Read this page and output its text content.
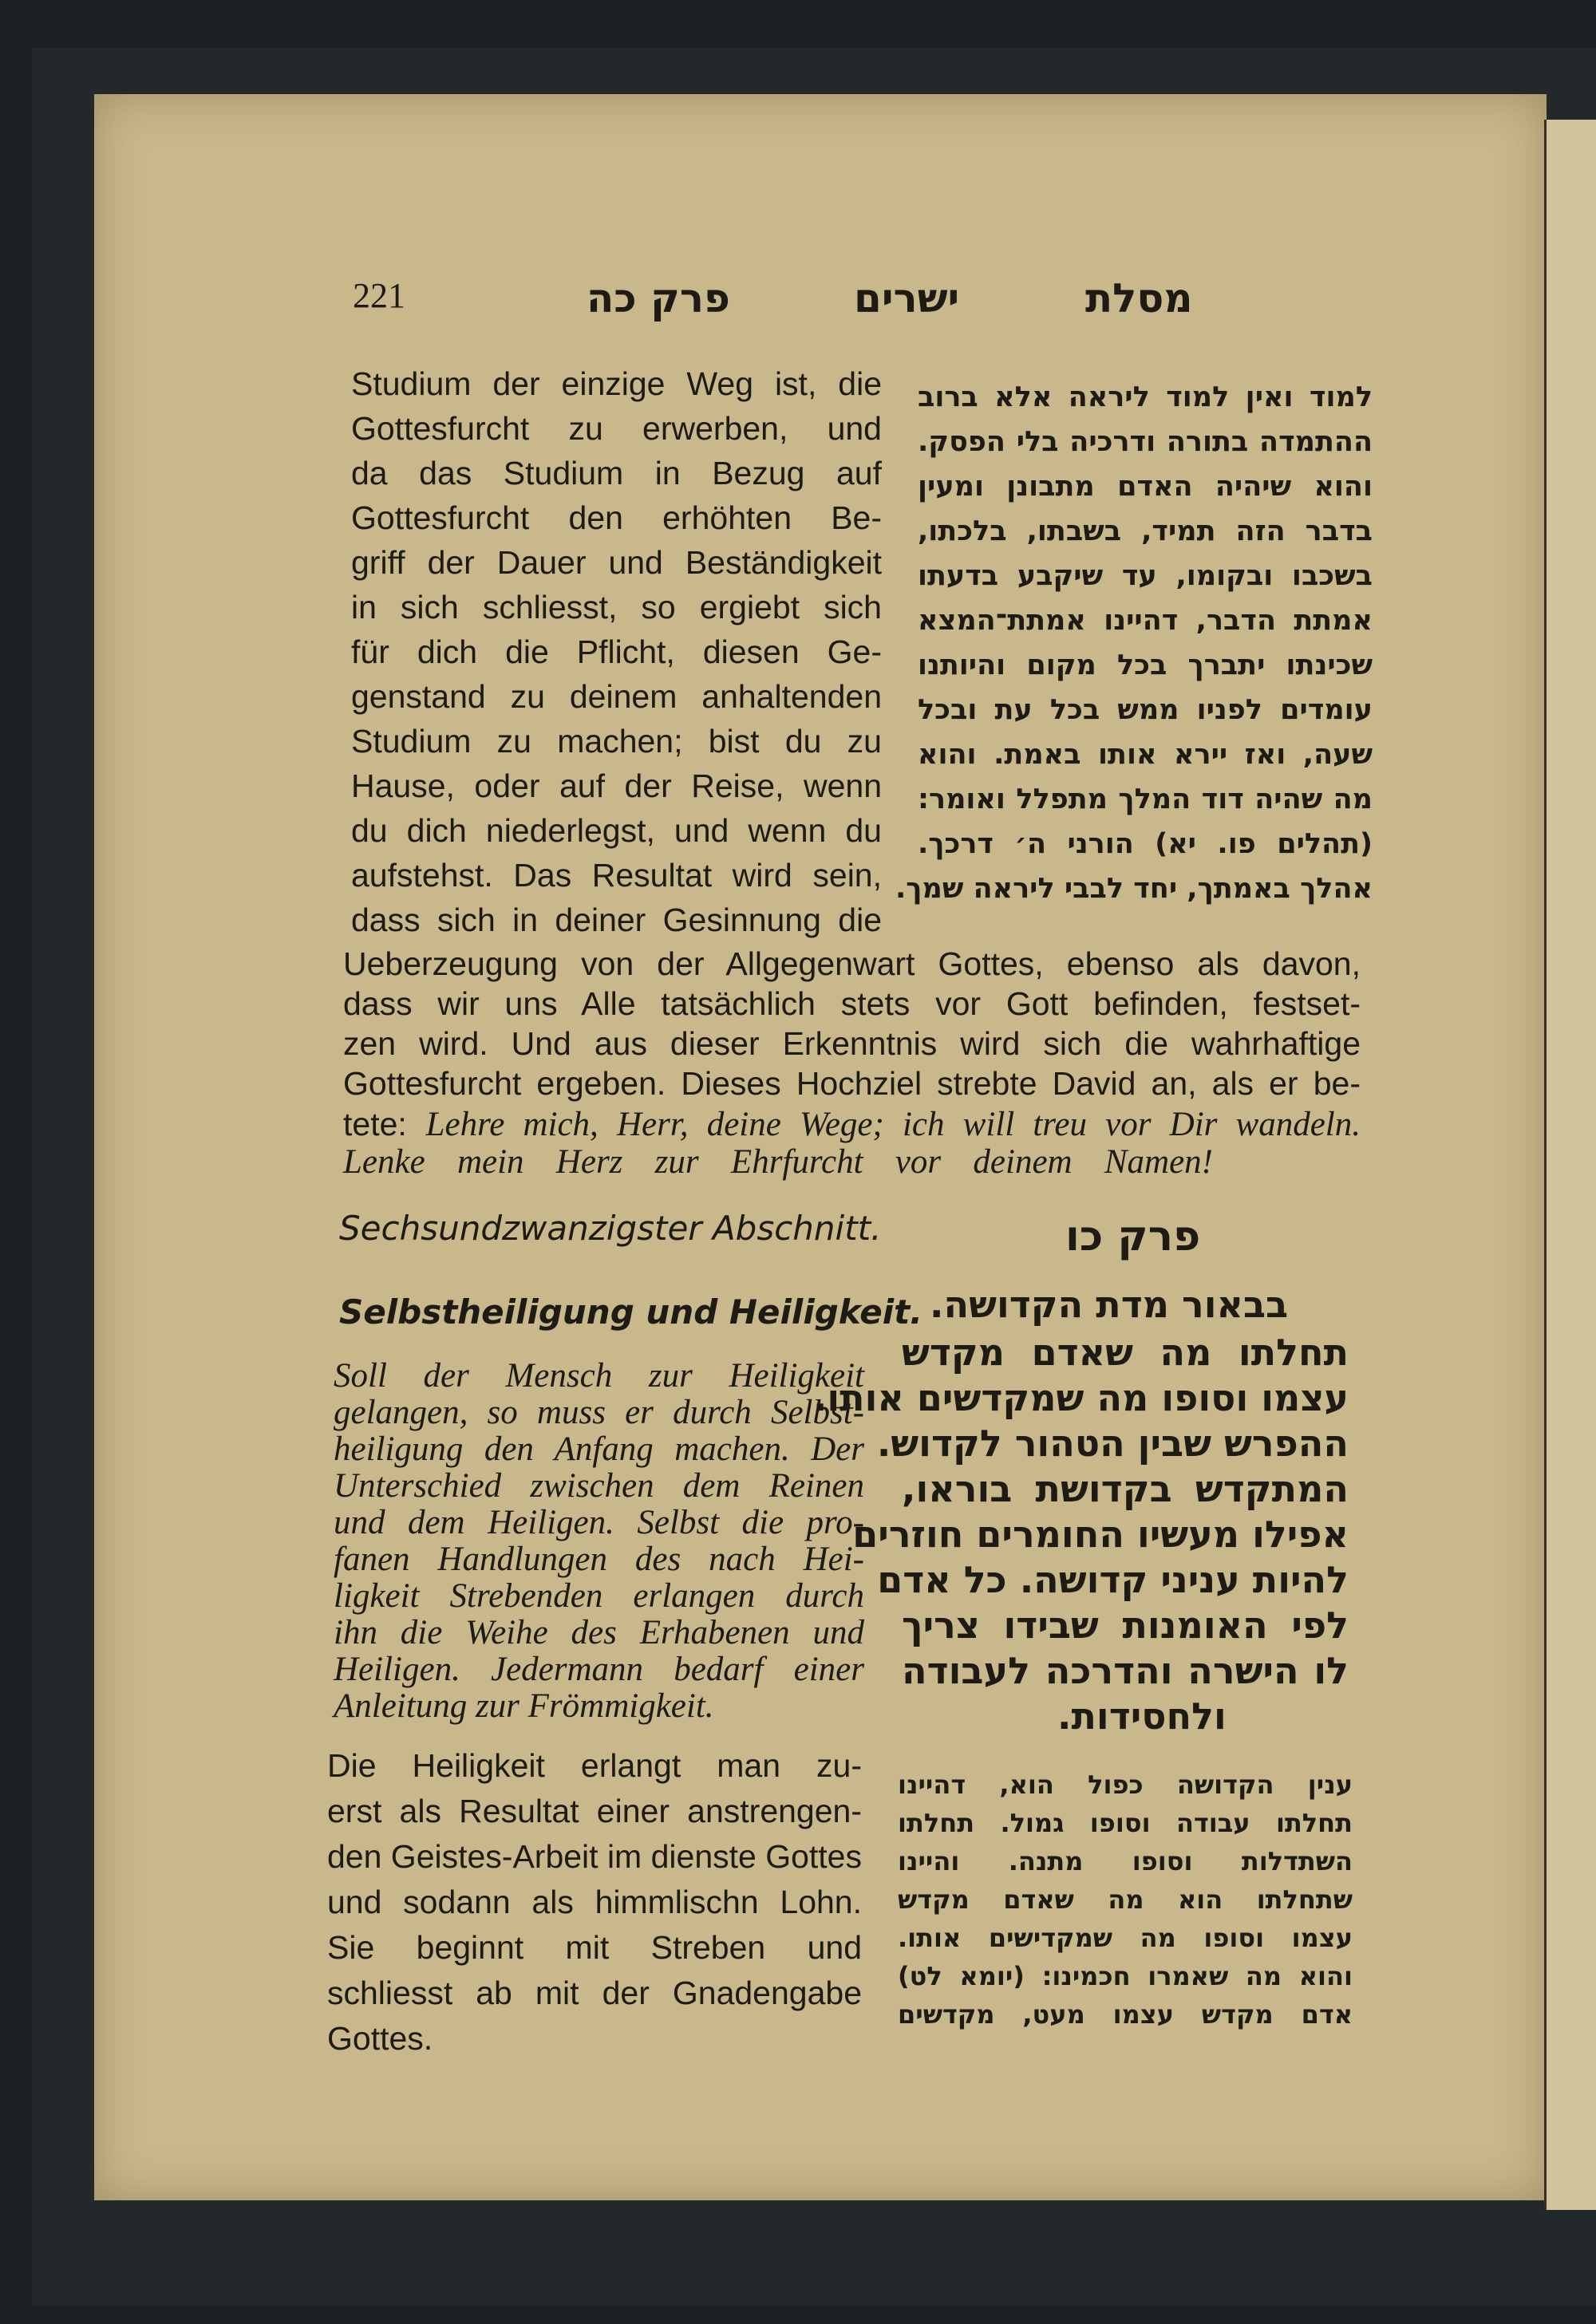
221	מסלת
ישרים
פרק כה
Studium der einzige Weg ist, die
Gottesfurcht zu erwerben, und
da das Studium in Bezug auf
Gottesfurcht den erhöhten Be-
griff der Dauer und Beständigkeit
in sich schliesst, so ergiebt sich
für dich die Pflicht, diesen Ge-
genstand zu deinem anhaltenden
Studium zu machen; bist du zu
Hause, oder auf der Reise, wenn
du dich niederlegst, und wenn du
aufstehst. Das Resultat wird sein,
dass sich in deiner Gesinnung die
למוד ואין למוד ליראה אלא ברוב
ההתמדה בתורה ודרכיה בלי הפסק.
והוא שיהיה האדם מתבונן ומעין
בדבר הזה תמיד, בשבתו, בלכתו,
בשכבו ובקומו, עד שיקבע בדעתו
אמתת הדבר, דהיינו אמתת־המצא
שכינתו יתברך בכל מקום והיותנו
עומדים לפניו ממש בכל עת ובכל
שעה, ואז יירא אותו באמת. והוא
מה שהיה דוד המלך מתפלל ואומר:
(תהלים פו. יא) הורני ה׳ דרכך.
אהלך באמתך, יחד לבבי ליראה שמך.
Ueberzeugung von der Allgegenwart Gottes, ebenso als davon,
dass wir uns Alle tatsächlich stets vor Gott befinden, festset-
zen wird. Und aus dieser Erkenntnis wird sich die wahrhaftige
Gottesfurcht ergeben. Dieses Hochziel strebte David an, als er be-
tete: Lehre mich, Herr, deine Wege; ich will treu vor Dir wandeln.
Lenke mein Herz zur Ehrfurcht vor deinem Namen!
Sechsundzwanzigster Abschnitt.
Selbstheiligung und Heiligkeit.
Soll der Mensch zur Heiligkeit
gelangen, so muss er durch Selbst-
heiligung den Anfang machen. Der
Unterschied zwischen dem Reinen
und dem Heiligen. Selbst die pro-
fanen Handlungen des nach Hei-
ligkeit Strebenden erlangen durch
ihn die Weihe des Erhabenen und
Heiligen. Jedermann bedarf einer
Anleitung zur Frömmigkeit.
Die Heiligkeit erlangt man zu-
erst als Resultat einer anstrengen-
den Geistes-Arbeit im dienste Gottes
und sodann als himmlischn Lohn.
Sie beginnt mit Streben und
schliesst ab mit der Gnadengabe
Gottes.
פרק כו
בבאור מדת הקדושה.
תחלתו מה שאדם מקדש
עצמו וסופו מה שמקדשים אותו.
ההפרש שבין הטהור לקדוש.
המתקדש בקדושת בוראו,
אפילו מעשיו החומרים חוזרים
להיות עניני קדושה. כל אדם
לפי האומנות שבידו צריך
לו הישרה והדרכה לעבודה
ולחסידות.
ענין הקדושה כפול הוא, דהיינו
תחלתו עבודה וסופו גמול. תחלתו
השתדלות וסופו מתנה. והיינו
שתחלתו הוא מה שאדם מקדש
עצמו וסופו מה שמקדישים אותו.
והוא מה שאמרו חכמינו: (יומא לט)
אדם מקדש עצמו מעט, מקדשים
